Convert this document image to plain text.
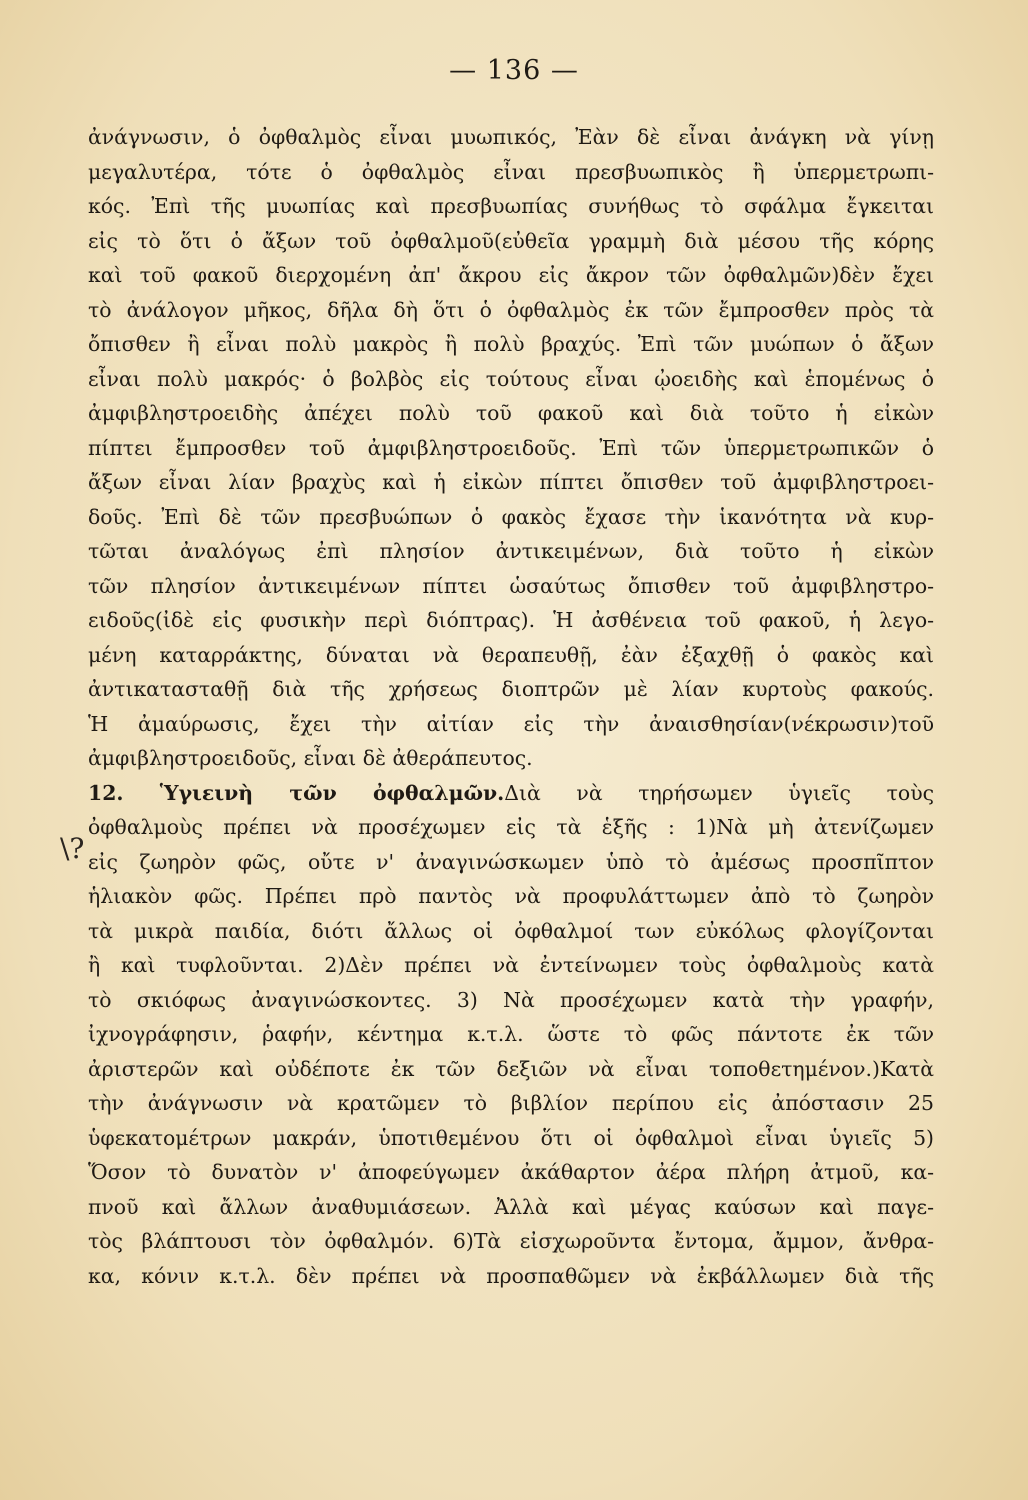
— 136 —
\?
ἀνάγνωσιν, ὁ ὀφθαλμὸς εἶναι μυωπικός, Ἐὰν δὲ εἶναι ἀνάγκη νὰ γίνῃ
μεγαλυτέρα, τότε ὁ ὀφθαλμὸς εἶναι πρεσβυωπικὸς ἢ ὑπερμετρωπι-
κός. Ἐπὶ τῆς μυωπίας καὶ πρεσβυωπίας συνήθως τὸ σφάλμα ἔγκειται
εἰς τὸ ὅτι ὁ ἄξων τοῦ ὀφθαλμοῦ(εὐθεῖα γραμμὴ διὰ μέσου τῆς κόρης
καὶ τοῦ φακοῦ διερχομένη ἀπ' ἄκρου εἰς ἄκρον τῶν ὀφθαλμῶν)δὲν ἔχει
τὸ ἀνάλογον μῆκος, δῆλα δὴ ὅτι ὁ ὀφθαλμὸς ἐκ τῶν ἔμπροσθεν πρὸς τὰ
ὄπισθεν ἢ εἶναι πολὺ μακρὸς ἢ πολὺ βραχύς. Ἐπὶ τῶν μυώπων ὁ ἄξων
εἶναι πολὺ μακρός· ὁ βολβὸς εἰς τούτους εἶναι ᾠοειδὴς καὶ ἑπομένως ὁ
ἀμφιβληστροειδὴς ἀπέχει πολὺ τοῦ φακοῦ καὶ διὰ τοῦτο ἡ εἰκὼν
πίπτει ἔμπροσθεν τοῦ ἀμφιβληστροειδοῦς. Ἐπὶ τῶν ὑπερμετρωπικῶν ὁ
ἄξων εἶναι λίαν βραχὺς καὶ ἡ εἰκὼν πίπτει ὄπισθεν τοῦ ἀμφιβληστροει-
δοῦς. Ἐπὶ δὲ τῶν πρεσβυώπων ὁ φακὸς ἔχασε τὴν ἱκανότητα νὰ κυρ-
τῶται ἀναλόγως ἐπὶ πλησίον ἀντικειμένων, διὰ τοῦτο ἡ εἰκὼν
τῶν πλησίον ἀντικειμένων πίπτει ὡσαύτως ὄπισθεν τοῦ ἀμφιβληστρο-
ειδοῦς(ἰδὲ εἰς φυσικὴν περὶ διόπτρας). Ἡ ἀσθένεια τοῦ φακοῦ, ἡ λεγο-
μένη καταρράκτης, δύναται νὰ θεραπευθῇ, ἐὰν ἐξαχθῇ ὁ φακὸς καὶ
ἀντικατασταθῇ διὰ τῆς χρήσεως διοπτρῶν μὲ λίαν κυρτοὺς φακούς.
Ἡ ἀμαύρωσις, ἔχει τὴν αἰτίαν εἰς τὴν ἀναισθησίαν(νέκρωσιν)τοῦ
ἀμφιβληστροειδοῦς, εἶναι δὲ ἀθεράπευτος.
12. Ὑγιεινὴ τῶν ὀφθαλμῶν.Διὰ νὰ τηρήσωμεν ὑγιεῖς τοὺς
ὀφθαλμοὺς πρέπει νὰ προσέχωμεν εἰς τὰ ἑξῆς : 1)Νὰ μὴ ἀτενίζωμεν
εἰς ζωηρὸν φῶς, οὔτε ν' ἀναγινώσκωμεν ὑπὸ τὸ ἀμέσως προσπῖπτον
ἡλιακὸν φῶς. Πρέπει πρὸ παντὸς νὰ προφυλάττωμεν ἀπὸ τὸ ζωηρὸν
τὰ μικρὰ παιδία, διότι ἄλλως οἱ ὀφθαλμοί των εὐκόλως φλογίζονται
ἢ καὶ τυφλοῦνται. 2)Δὲν πρέπει νὰ ἐντείνωμεν τοὺς ὀφθαλμοὺς κατὰ
τὸ σκιόφως ἀναγινώσκοντες. 3) Νὰ προσέχωμεν κατὰ τὴν γραφήν,
ἰχνογράφησιν, ῥαφήν, κέντημα κ.τ.λ. ὥστε τὸ φῶς πάντοτε ἐκ τῶν
ἀριστερῶν καὶ οὐδέποτε ἐκ τῶν δεξιῶν νὰ εἶναι τοποθετημένον.)Κατὰ
τὴν ἀνάγνωσιν νὰ κρατῶμεν τὸ βιβλίον περίπου εἰς ἀπόστασιν 25
ὑφεκατομέτρων μακράν, ὑποτιθεμένου ὅτι οἱ ὀφθαλμοὶ εἶναι ὑγιεῖς 5)
Ὅσον τὸ δυνατὸν ν' ἀποφεύγωμεν ἀκάθαρτον ἀέρα πλήρη ἀτμοῦ, κα-
πνοῦ καὶ ἄλλων ἀναθυμιάσεων. Ἀλλὰ καὶ μέγας καύσων καὶ παγε-
τὸς βλάπτουσι τὸν ὀφθαλμόν. 6)Τὰ εἰσχωροῦντα ἔντομα, ἄμμον, ἄνθρα-
κα, κόνιν κ.τ.λ. δὲν πρέπει νὰ προσπαθῶμεν νὰ ἐκβάλλωμεν διὰ τῆς
